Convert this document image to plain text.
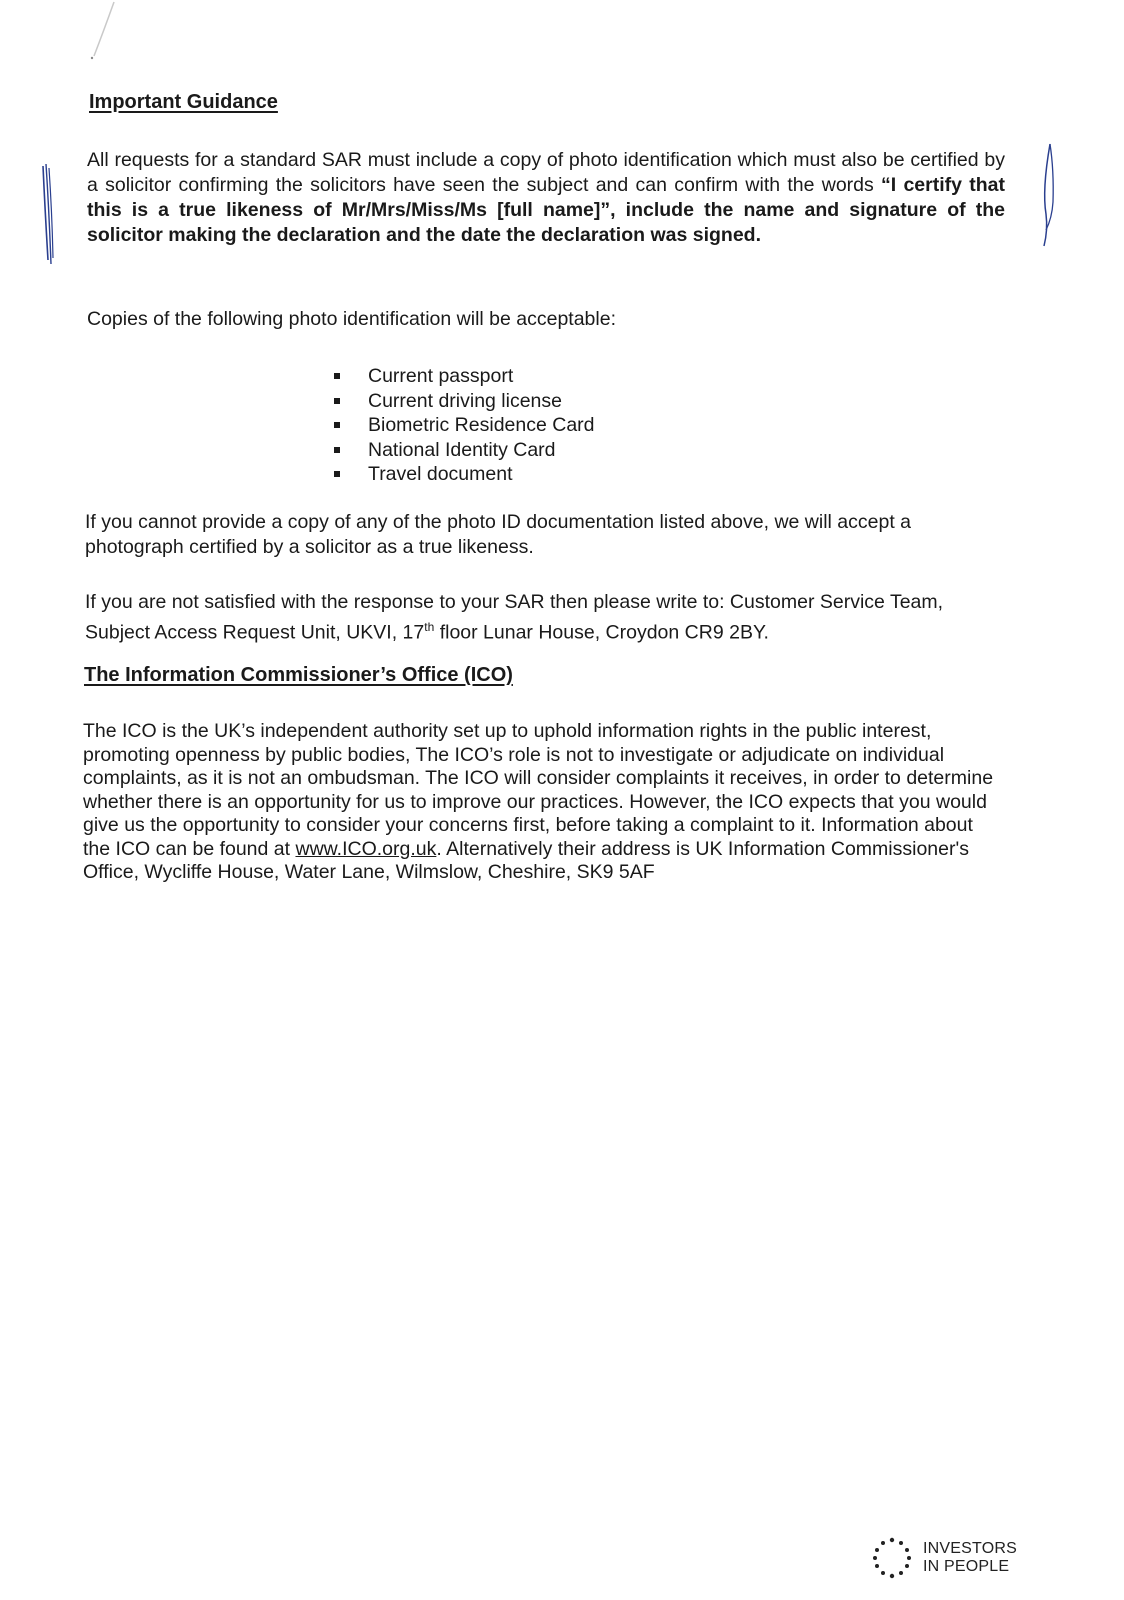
Important Guidance

All requests for a standard SAR must include a copy of photo identification which must also be certified by a solicitor confirming the solicitors have seen the subject and can confirm with the words “I certify that this is a true likeness of Mr/Mrs/Miss/Ms [full name]”, include the name and signature of the solicitor making the declaration and the date the declaration was signed.

Copies of the following photo identification will be acceptable:

Current passport
Current driving license
Biometric Residence Card
National Identity Card
Travel document

If you cannot provide a copy of any of the photo ID documentation listed above, we will accept a photograph certified by a solicitor as a true likeness.

If you are not satisfied with the response to your SAR then please write to: Customer Service Team, Subject Access Request Unit, UKVI, 17th floor Lunar House, Croydon CR9 2BY.

The Information Commissioner’s Office (ICO)

The ICO is the UK’s independent authority set up to uphold information rights in the public interest, promoting openness by public bodies, The ICO’s role is not to investigate or adjudicate on individual complaints, as it is not an ombudsman. The ICO will consider complaints it receives, in order to determine whether there is an opportunity for us to improve our practices. However, the ICO expects that you would give us the opportunity to consider your concerns first, before taking a complaint to it. Information about the ICO can be found at www.ICO.org.uk. Alternatively their address is UK Information Commissioner's Office, Wycliffe House, Water Lane, Wilmslow, Cheshire, SK9 5AF

INVESTORS
IN PEOPLE
